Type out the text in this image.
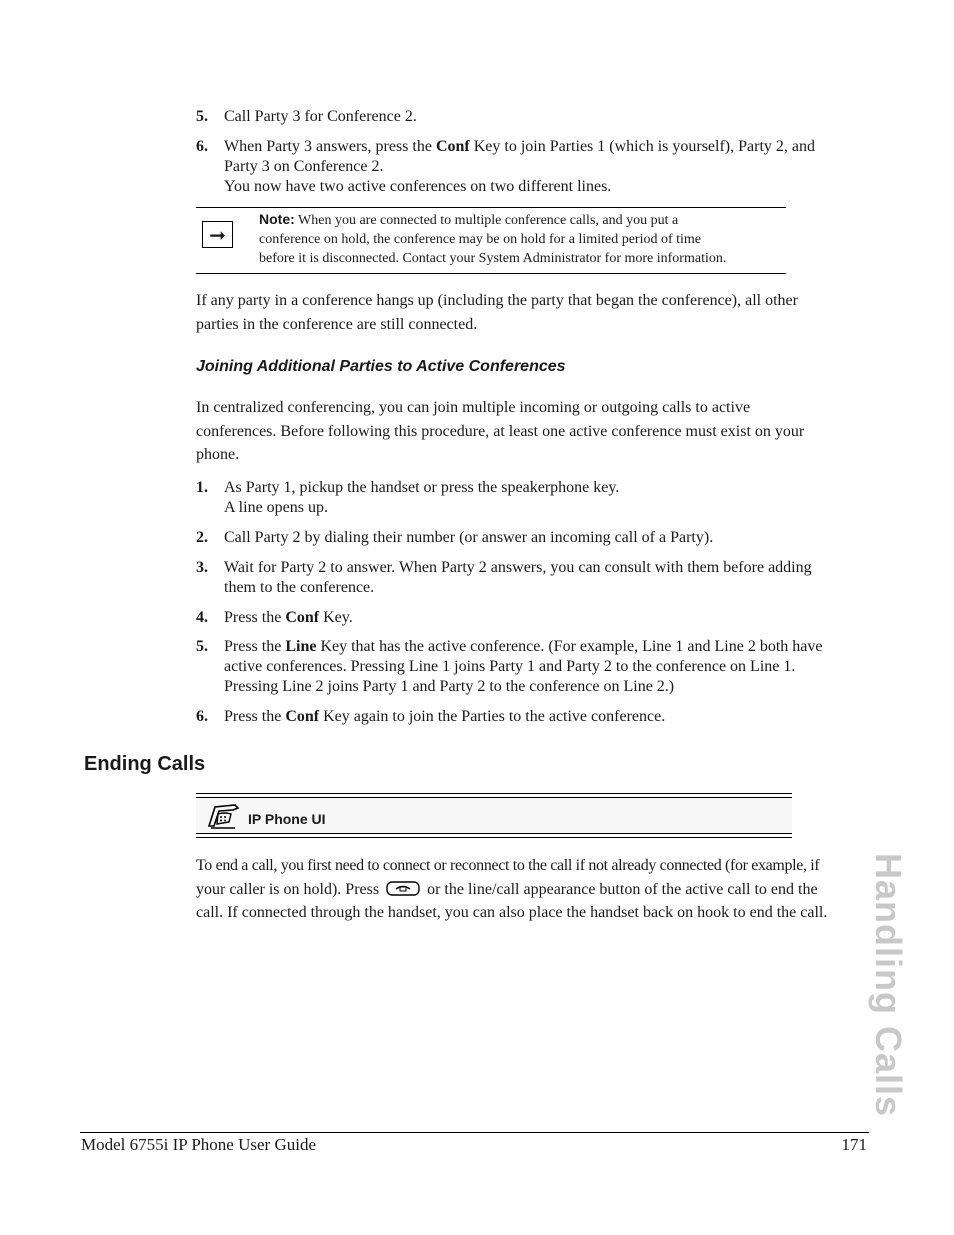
5.	Call Party 3 for Conference 2.
6.	When Party 3 answers, press the Conf Key to join Parties 1 (which is yourself), Party 2, and
Party 3 on Conference 2.
You now have two active conferences on two different lines.
➞
Note: When you are connected to multiple conference calls, and you put a
conference on hold, the conference may be on hold for a limited period of time
before it is disconnected. Contact your System Administrator for more information.
If any party in a conference hangs up (including the party that began the conference), all other
parties in the conference are still connected.
Joining Additional Parties to Active Conferences
In centralized conferencing, you can join multiple incoming or outgoing calls to active
conferences. Before following this procedure, at least one active conference must exist on your
phone.
1.	As Party 1, pickup the handset or press the speakerphone key.
A line opens up.
2.	Call Party 2 by dialing their number (or answer an incoming call of a Party).
3.	Wait for Party 2 to answer. When Party 2 answers, you can consult with them before adding
them to the conference.
4.	Press the Conf Key.
5.	Press the Line Key that has the active conference. (For example, Line 1 and Line 2 both have
active conferences. Pressing Line 1 joins Party 1 and Party 2 to the conference on Line 1.
Pressing Line 2 joins Party 1 and Party 2 to the conference on Line 2.)
6.	Press the Conf Key again to join the Parties to the active conference.
Ending Calls
IP Phone UI
To end a call, you first need to connect or reconnect to the call if not already connected (for example, if
your caller is on hold). Press	or the line/call appearance button of the active call to end the
call. If connected through the handset, you can also place the handset back on hook to end the call.	Handling Calls
Model 6755i IP Phone User Guide	171
